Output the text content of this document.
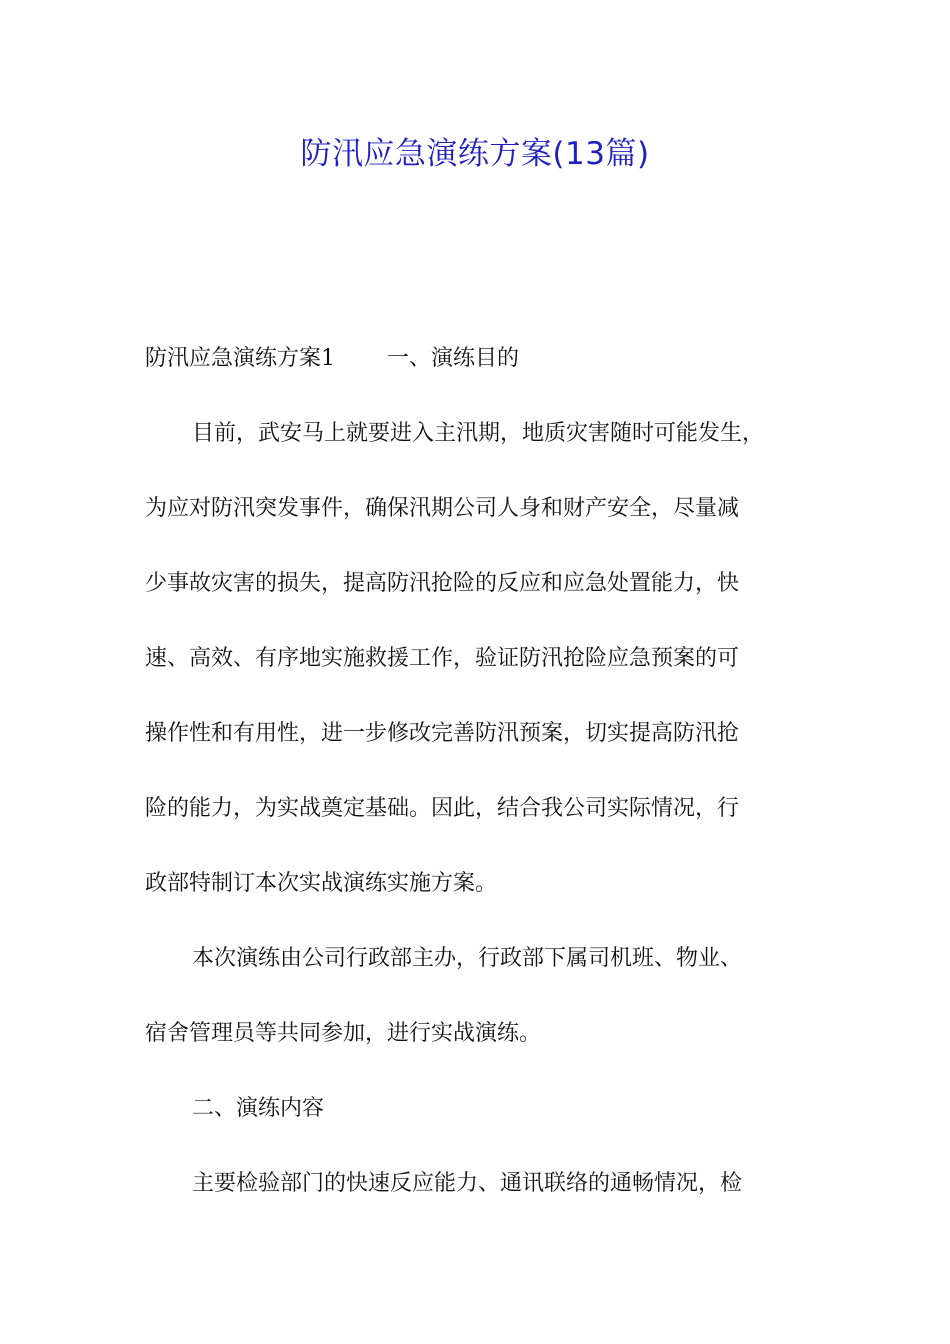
防汛应急演练方案(13篇)
防汛应急演练方案1 一、演练目的
目前，武安马上就要进入主汛期，地质灾害随时可能发生，
为应对防汛突发事件，确保汛期公司人身和财产安全，尽量减
少事故灾害的损失，提高防汛抢险的反应和应急处置能力，快
速、高效、有序地实施救援工作，验证防汛抢险应急预案的可
操作性和有用性，进一步修改完善防汛预案，切实提高防汛抢
险的能力，为实战奠定基础。因此，结合我公司实际情况，行
政部特制订本次实战演练实施方案。
本次演练由公司行政部主办，行政部下属司机班、物业、
宿舍管理员等共同参加，进行实战演练。
二、演练内容
主要检验部门的快速反应能力、通讯联络的通畅情况，检
